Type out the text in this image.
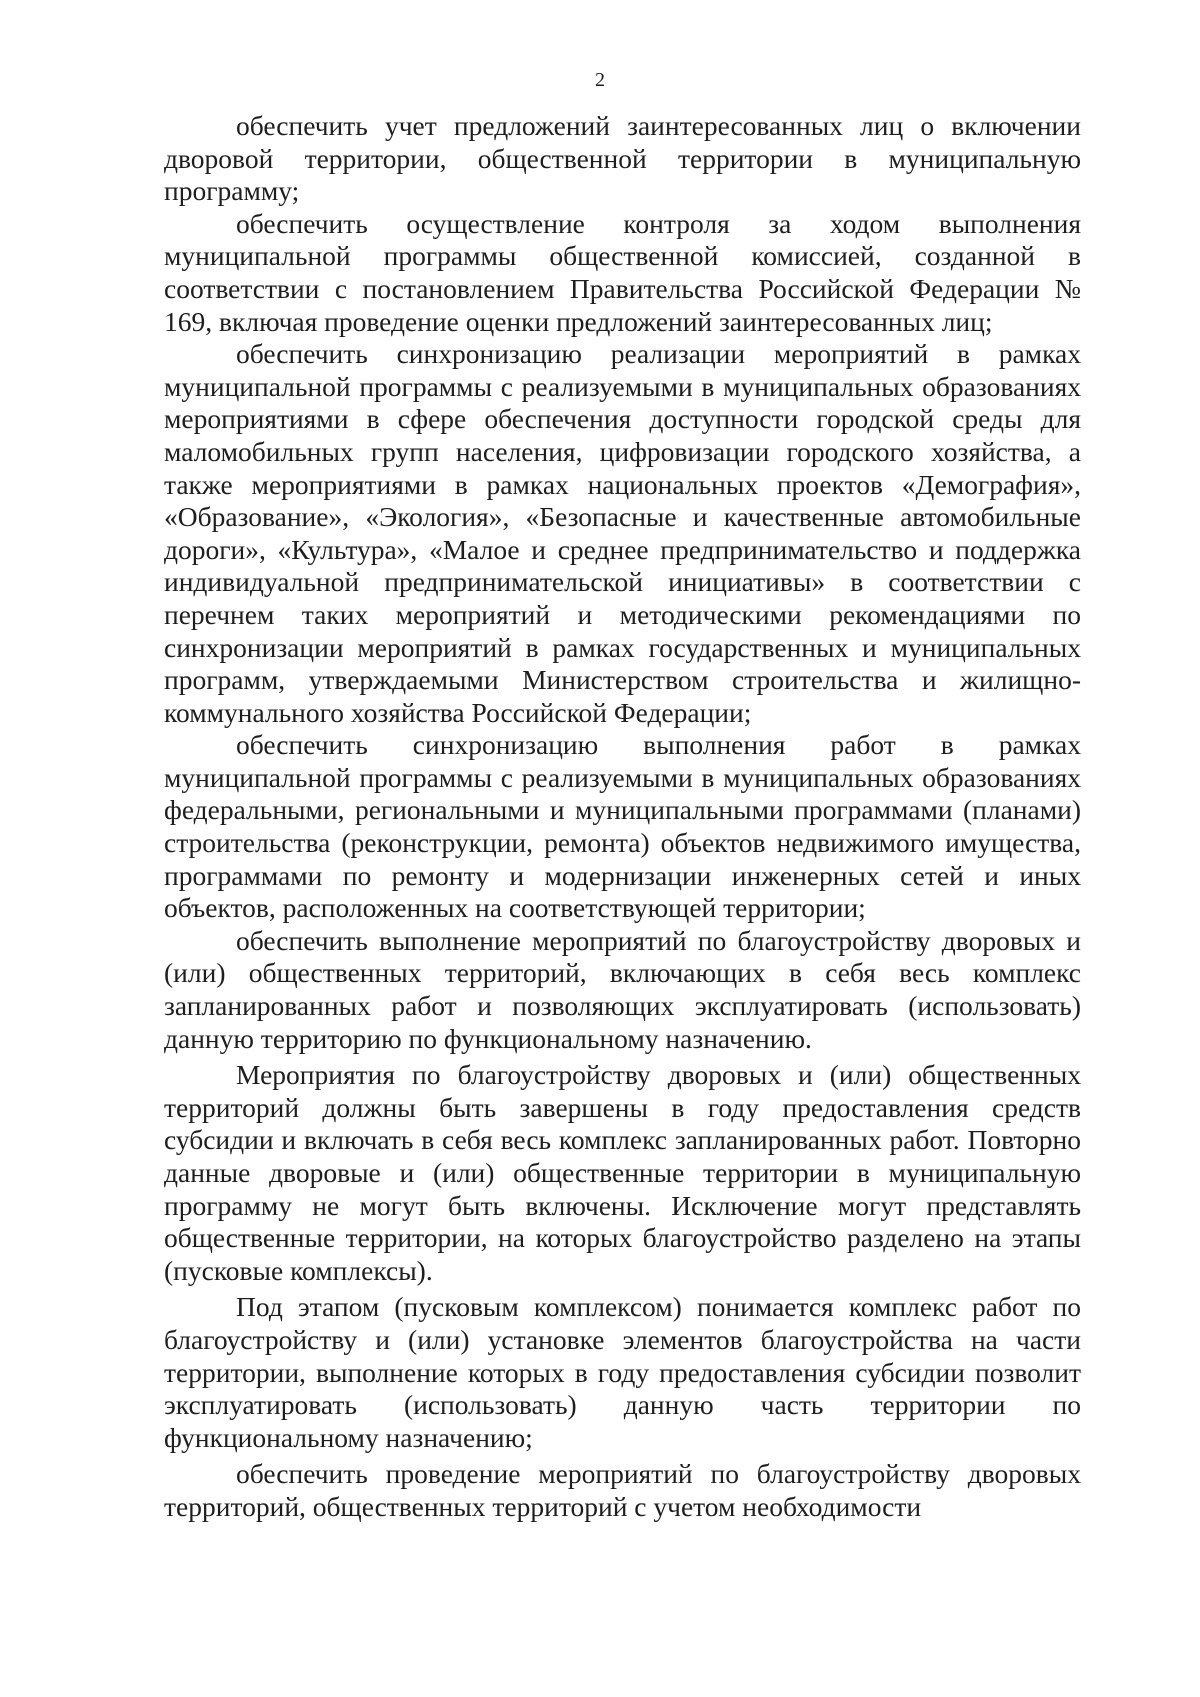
2

обеспечить учет предложений заинтересованных лиц о включении дворовой территории, общественной территории в муниципальную программу;

обеспечить осуществление контроля за ходом выполнения муниципальной программы общественной комиссией, созданной в соответствии с постановлением Правительства Российской Федерации № 169, включая проведение оценки предложений заинтересованных лиц;

обеспечить синхронизацию реализации мероприятий в рамках муниципальной программы с реализуемыми в муниципальных образованиях мероприятиями в сфере обеспечения доступности городской среды для маломобильных групп населения, цифровизации городского хозяйства, а также мероприятиями в рамках национальных проектов «Демография», «Образование», «Экология», «Безопасные и качественные автомобильные дороги», «Культура», «Малое и среднее предпринимательство и поддержка индивидуальной предпринимательской инициативы» в соответствии с перечнем таких мероприятий и методическими рекомендациями по синхронизации мероприятий в рамках государственных и муниципальных программ, утверждаемыми Министерством строительства и жилищно-коммунального хозяйства Российской Федерации;

обеспечить синхронизацию выполнения работ в рамках муниципальной программы с реализуемыми в муниципальных образованиях федеральными, региональными и муниципальными программами (планами) строительства (реконструкции, ремонта) объектов недвижимого имущества, программами по ремонту и модернизации инженерных сетей и иных объектов, расположенных на соответствующей территории;

обеспечить выполнение мероприятий по благоустройству дворовых и (или) общественных территорий, включающих в себя весь комплекс запланированных работ и позволяющих эксплуатировать (использовать) данную территорию по функциональному назначению.

Мероприятия по благоустройству дворовых и (или) общественных территорий должны быть завершены в году предоставления средств субсидии и включать в себя весь комплекс запланированных работ. Повторно данные дворовые и (или) общественные территории в муниципальную программу не могут быть включены. Исключение могут представлять общественные территории, на которых благоустройство разделено на этапы (пусковые комплексы).

Под этапом (пусковым комплексом) понимается комплекс работ по благоустройству и (или) установке элементов благоустройства на части территории, выполнение которых в году предоставления субсидии позволит эксплуатировать (использовать) данную часть территории по функциональному назначению;

обеспечить проведение мероприятий по благоустройству дворовых территорий, общественных территорий с учетом необходимости
